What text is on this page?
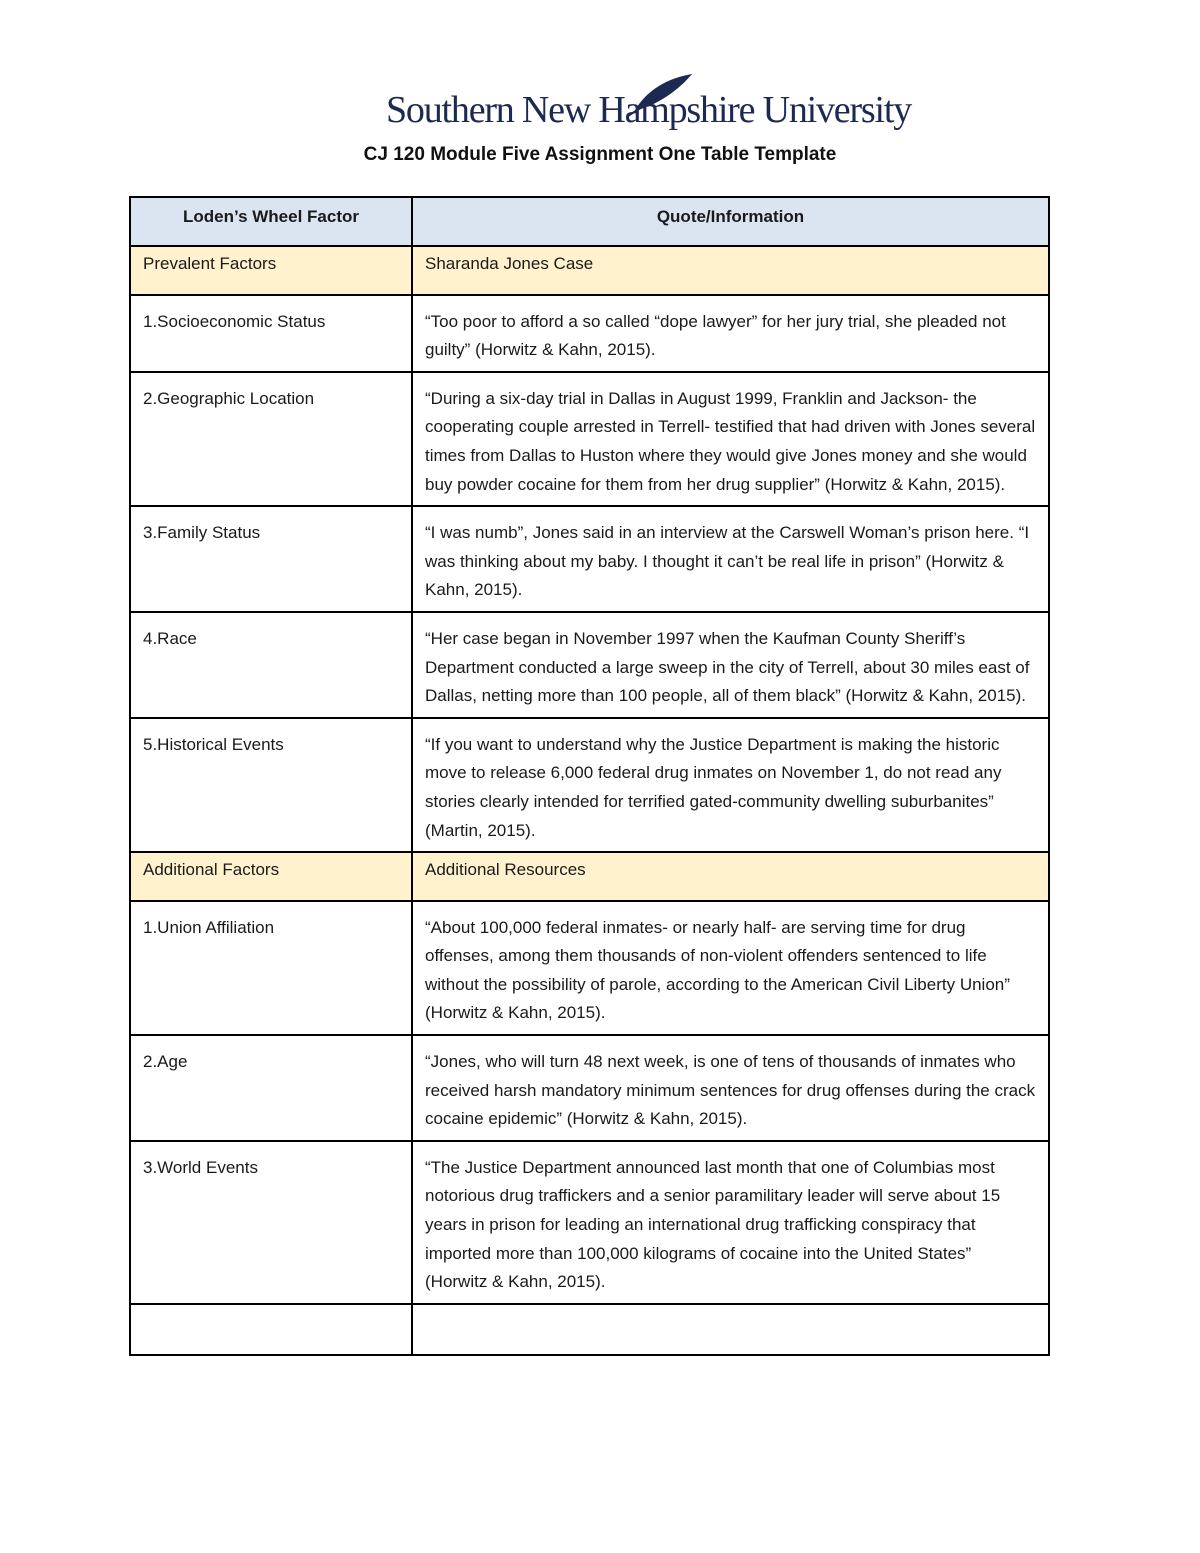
Southern New Hampshire University
CJ 120 Module Five Assignment One Table Template
Loden’s Wheel Factor	Quote/Information
Prevalent Factors	Sharanda Jones Case
1.Socioeconomic Status	“Too poor to afford a so called “dope lawyer” for her jury trial, she pleaded not guilty” (Horwitz & Kahn, 2015).
2.Geographic Location	“During a six-day trial in Dallas in August 1999, Franklin and Jackson- the cooperating couple arrested in Terrell- testified that had driven with Jones several times from Dallas to Huston where they would give Jones money and she would buy powder cocaine for them from her drug supplier” (Horwitz & Kahn, 2015).
3.Family Status	“I was numb”, Jones said in an interview at the Carswell Woman’s prison here. “I was thinking about my baby. I thought it can’t be real life in prison” (Horwitz & Kahn, 2015).
4.Race	“Her case began in November 1997 when the Kaufman County Sheriff’s Department conducted a large sweep in the city of Terrell, about 30 miles east of Dallas, netting more than 100 people, all of them black” (Horwitz & Kahn, 2015).
5.Historical Events	“If you want to understand why the Justice Department is making the historic move to release 6,000 federal drug inmates on November 1, do not read any stories clearly intended for terrified gated-community dwelling suburbanites” (Martin, 2015).
Additional Factors	Additional Resources
1.Union Affiliation	“About 100,000 federal inmates- or nearly half- are serving time for drug offenses, among them thousands of non-violent offenders sentenced to life without the possibility of parole, according to the American Civil Liberty Union” (Horwitz & Kahn, 2015).
2.Age	“Jones, who will turn 48 next week, is one of tens of thousands of inmates who received harsh mandatory minimum sentences for drug offenses during the crack cocaine epidemic” (Horwitz & Kahn, 2015).
3.World Events	“The Justice Department announced last month that one of Columbias most notorious drug traffickers and a senior paramilitary leader will serve about 15 years in prison for leading an international drug trafficking conspiracy that imported more than 100,000 kilograms of cocaine into the United States” (Horwitz & Kahn, 2015).
